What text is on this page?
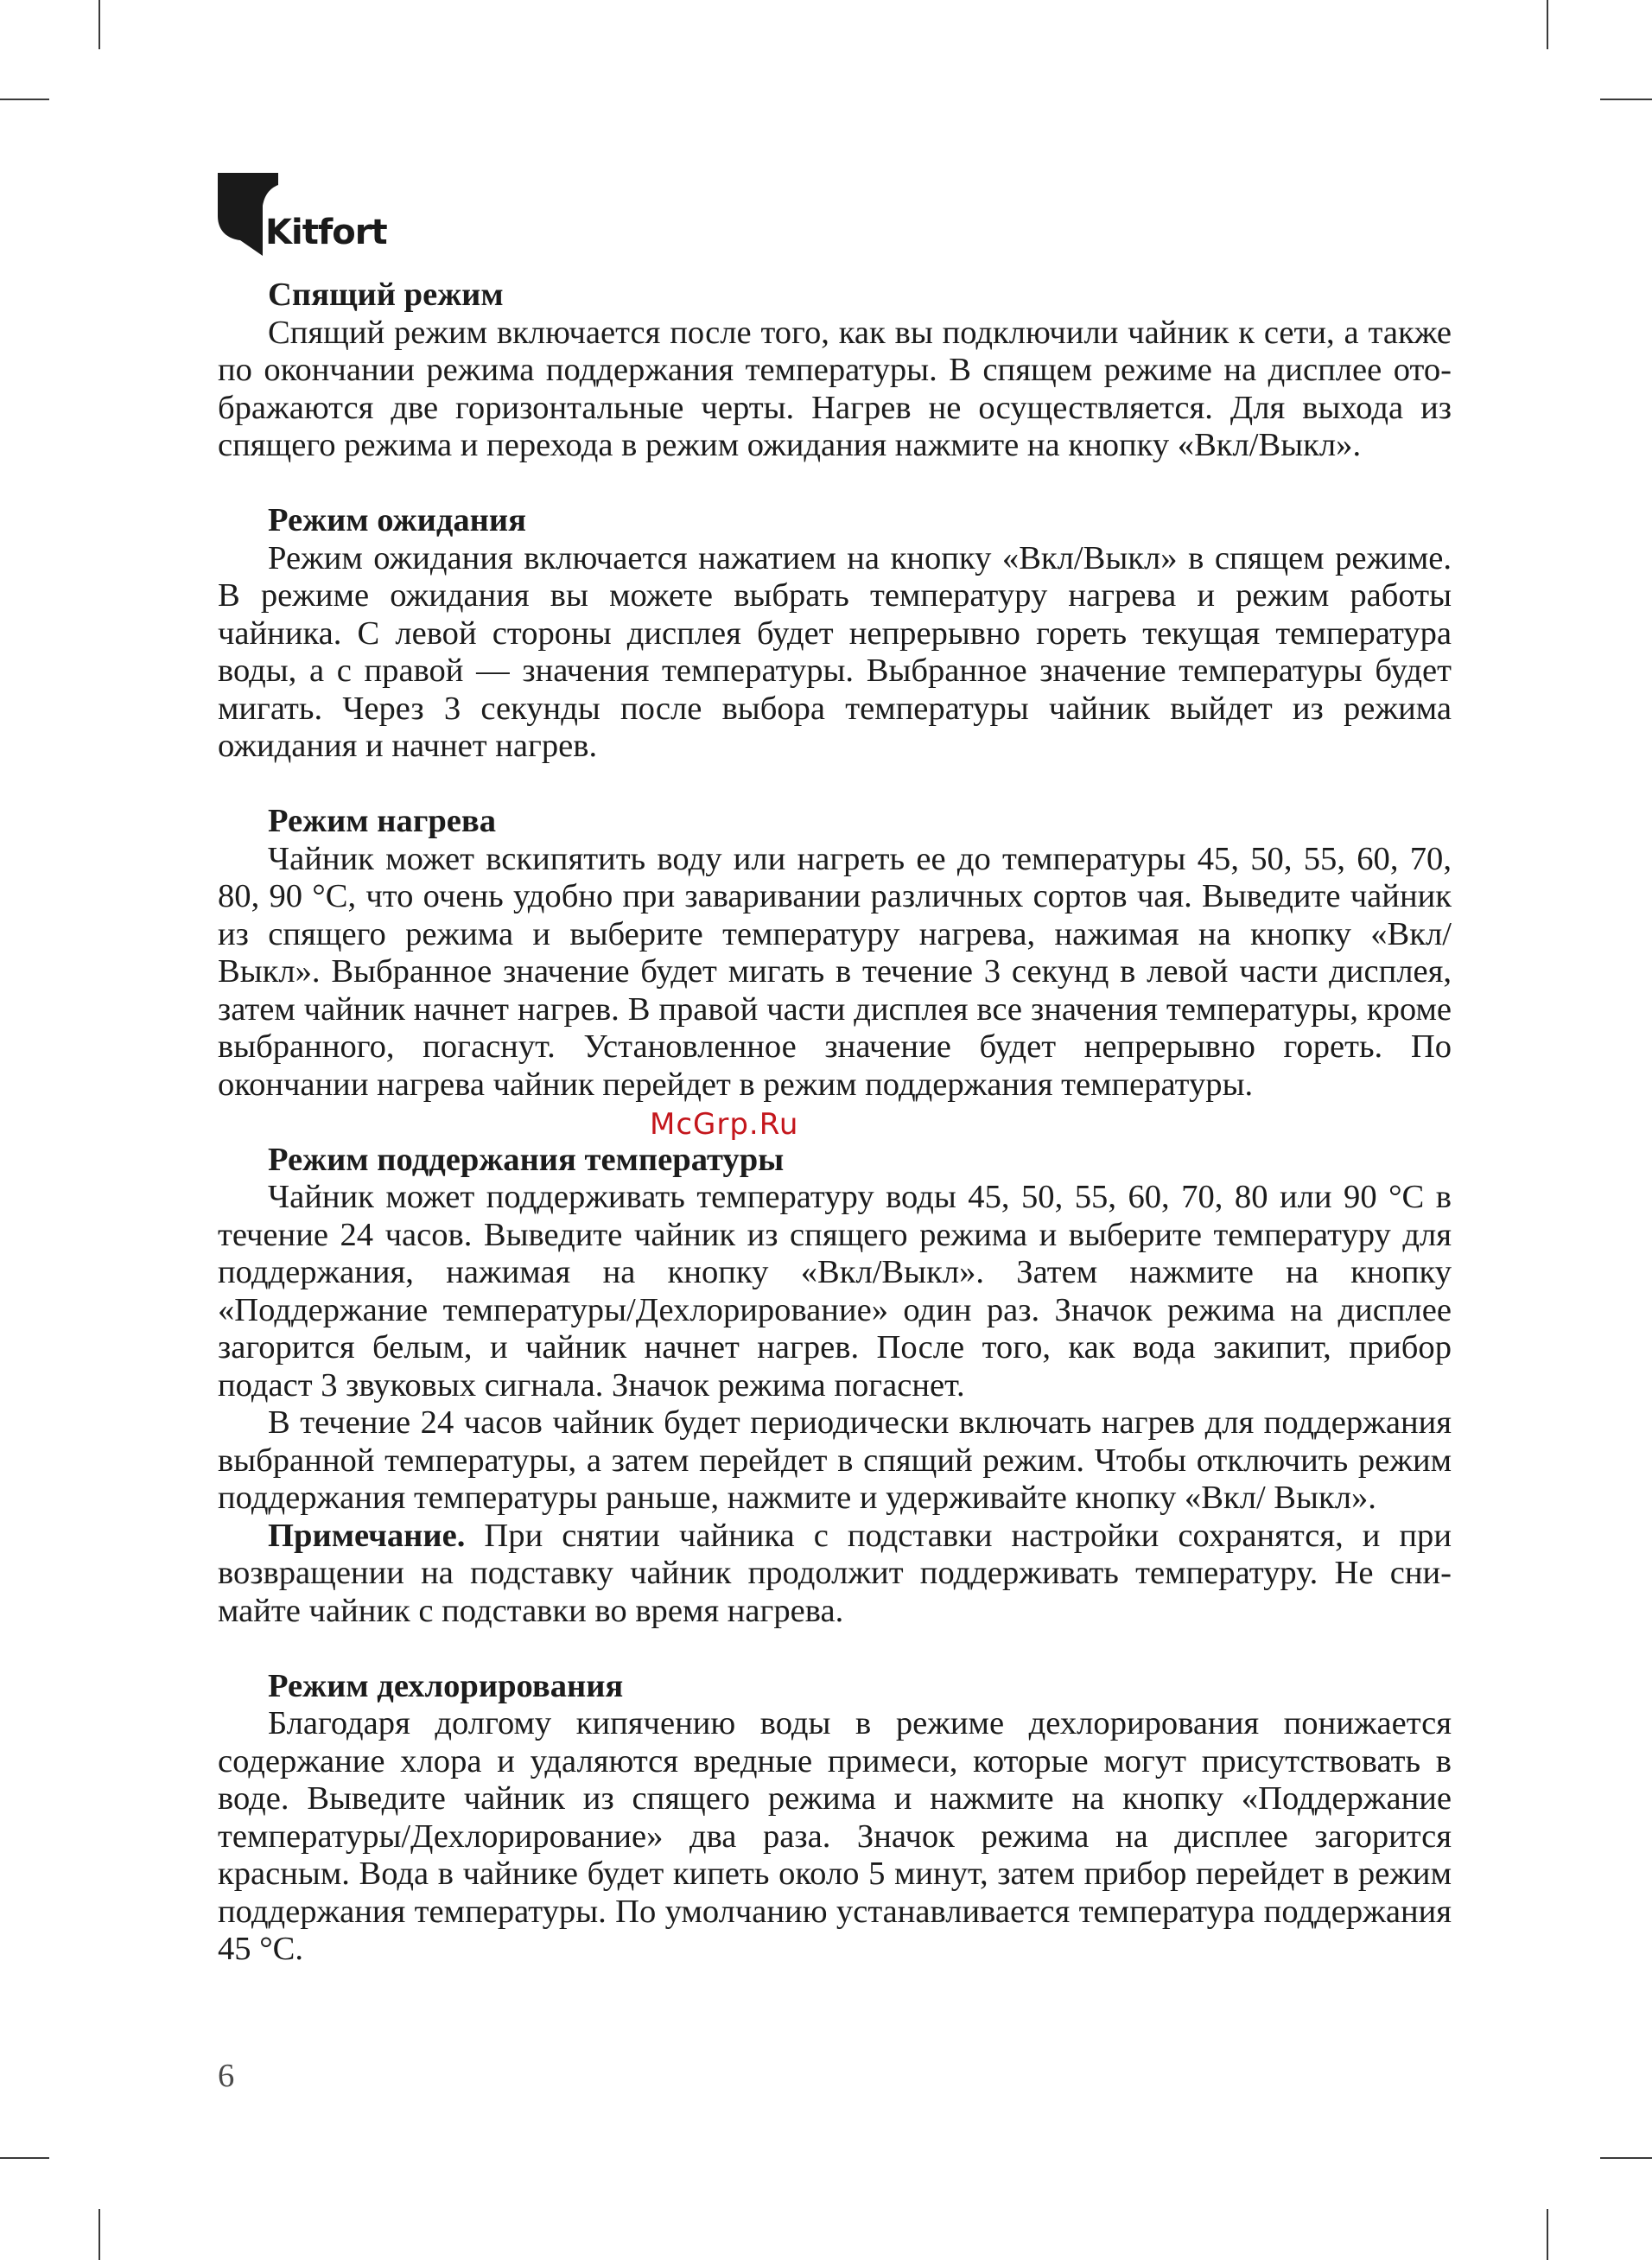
Kitfort

Спящий режим

Спящий режим включается после того, как вы подключили чайник к сети, а также по окончании режима поддержания температуры. В спящем режиме на дисплее отображаются две горизонтальные черты. Нагрев не осуществляется. Для выхода из спящего режима и перехода в режим ожидания нажмите на кнопку «Вкл/Выкл».

Режим ожидания

Режим ожидания включается нажатием на кнопку «Вкл/Выкл» в спящем режиме. В режиме ожидания вы можете выбрать температуру нагрева и режим работы чайника. С левой стороны дисплея будет непрерывно гореть текущая температура воды, а с правой — значения температуры. Выбранное значение температуры будет мигать. Через 3 секунды после выбора температуры чайник выйдет из режима ожидания и начнет нагрев.

Режим нагрева

Чайник может вскипятить воду или нагреть ее до температуры 45, 50, 55, 60, 70, 80, 90 °C, что очень удобно при заваривании различных сортов чая. Выведите чайник из спящего режима и выберите температуру нагрева, нажимая на кнопку «Вкл/ Выкл». Выбранное значение будет мигать в течение 3 секунд в левой части дисплея, затем чайник начнет нагрев. В правой части дисплея все значения температуры, кроме выбранного, погаснут. Установленное значение будет непрерывно гореть. По окончании нагрева чайник перейдет в режим поддержания температуры.

Режим поддержания температуры

Чайник может поддерживать температуру воды 45, 50, 55, 60, 70, 80 или 90 °C в течение 24 часов. Выведите чайник из спящего режима и выберите температуру для поддержания, нажимая на кнопку «Вкл/Выкл». Затем нажмите на кнопку «Поддержание температуры/Дехлорирование» один раз. Значок режима на дисплее загорится белым, и чайник начнет нагрев. После того, как вода закипит, прибор подаст 3 звуковых сигнала. Значок режима погаснет.

В течение 24 часов чайник будет периодически включать нагрев для поддержания выбранной температуры, а затем перейдет в спящий режим. Чтобы отключить режим поддержания температуры раньше, нажмите и удерживайте кнопку «Вкл/ Выкл».

Примечание. При снятии чайника с подставки настройки сохранятся, и при возвращении на подставку чайник продолжит поддерживать температуру. Не снимайте чайник с подставки во время нагрева.

Режим дехлорирования

Благодаря долгому кипячению воды в режиме дехлорирования понижается содержание хлора и удаляются вредные примеси, которые могут присутствовать в воде. Выведите чайник из спящего режима и нажмите на кнопку «Поддержание температуры/Дехлорирование» два раза. Значок режима на дисплее загорится красным. Вода в чайнике будет кипеть около 5 минут, затем прибор перейдет в режим поддержания температуры. По умолчанию устанавливается температура поддержания 45 °C.

McGrp.Ru
6
